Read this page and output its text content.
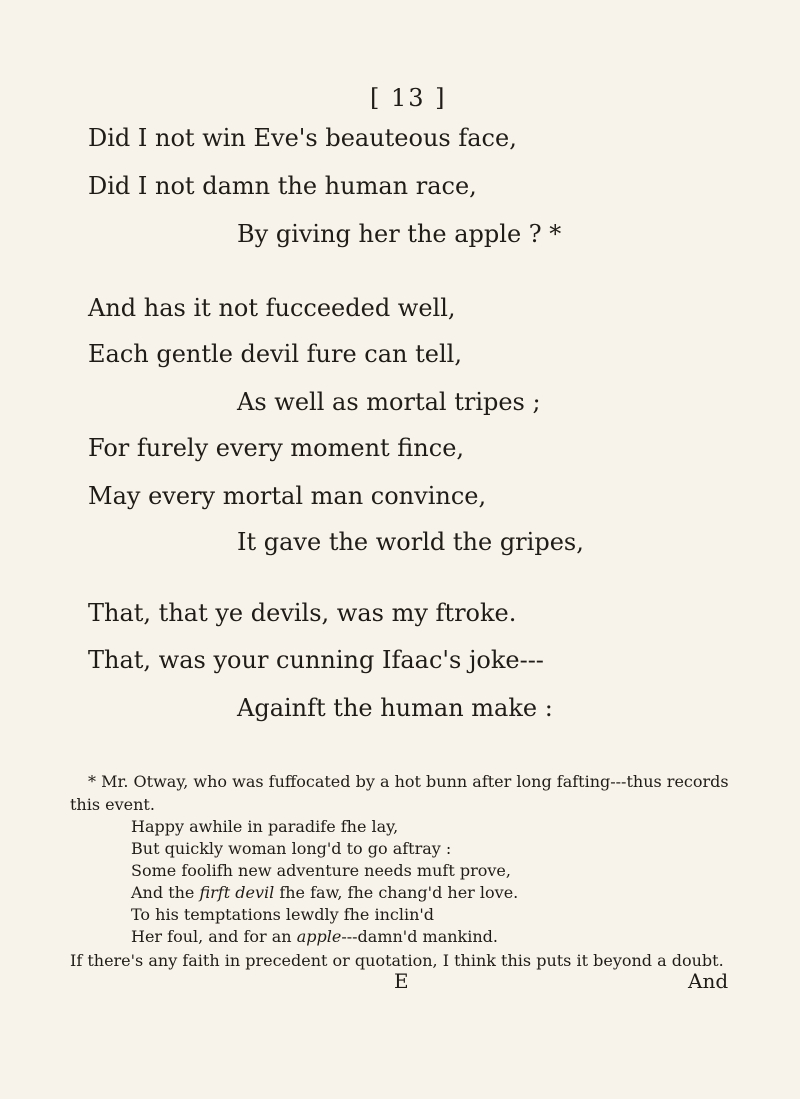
[ 13 ]
Did I not win Eve's beauteous face,
Did I not damn the human race,
By giving her the apple ? *
And has it not fucceeded well,
Each gentle devil fure can tell,
As well as mortal tripes ;
For furely every moment fince,
May every mortal man convince,
It gave the world the gripes,
That, that ye devils, was my ftroke.
That, was your cunning Ifaac's joke---
Againft the human make :
* Mr. Otway, who was fuffocated by a hot bunn after long fafting---thus records
this event.
Happy awhile in paradife fhe lay,
But quickly woman long'd to go aftray :
Some foolifh new adventure needs muft prove,
And the firft devil fhe faw, fhe chang'd her love.
To his temptations lewdly fhe inclin'd
Her foul, and for an apple---damn'd mankind.
If there's any faith in precedent or quotation, I think this puts it beyond a doubt.
E	And
